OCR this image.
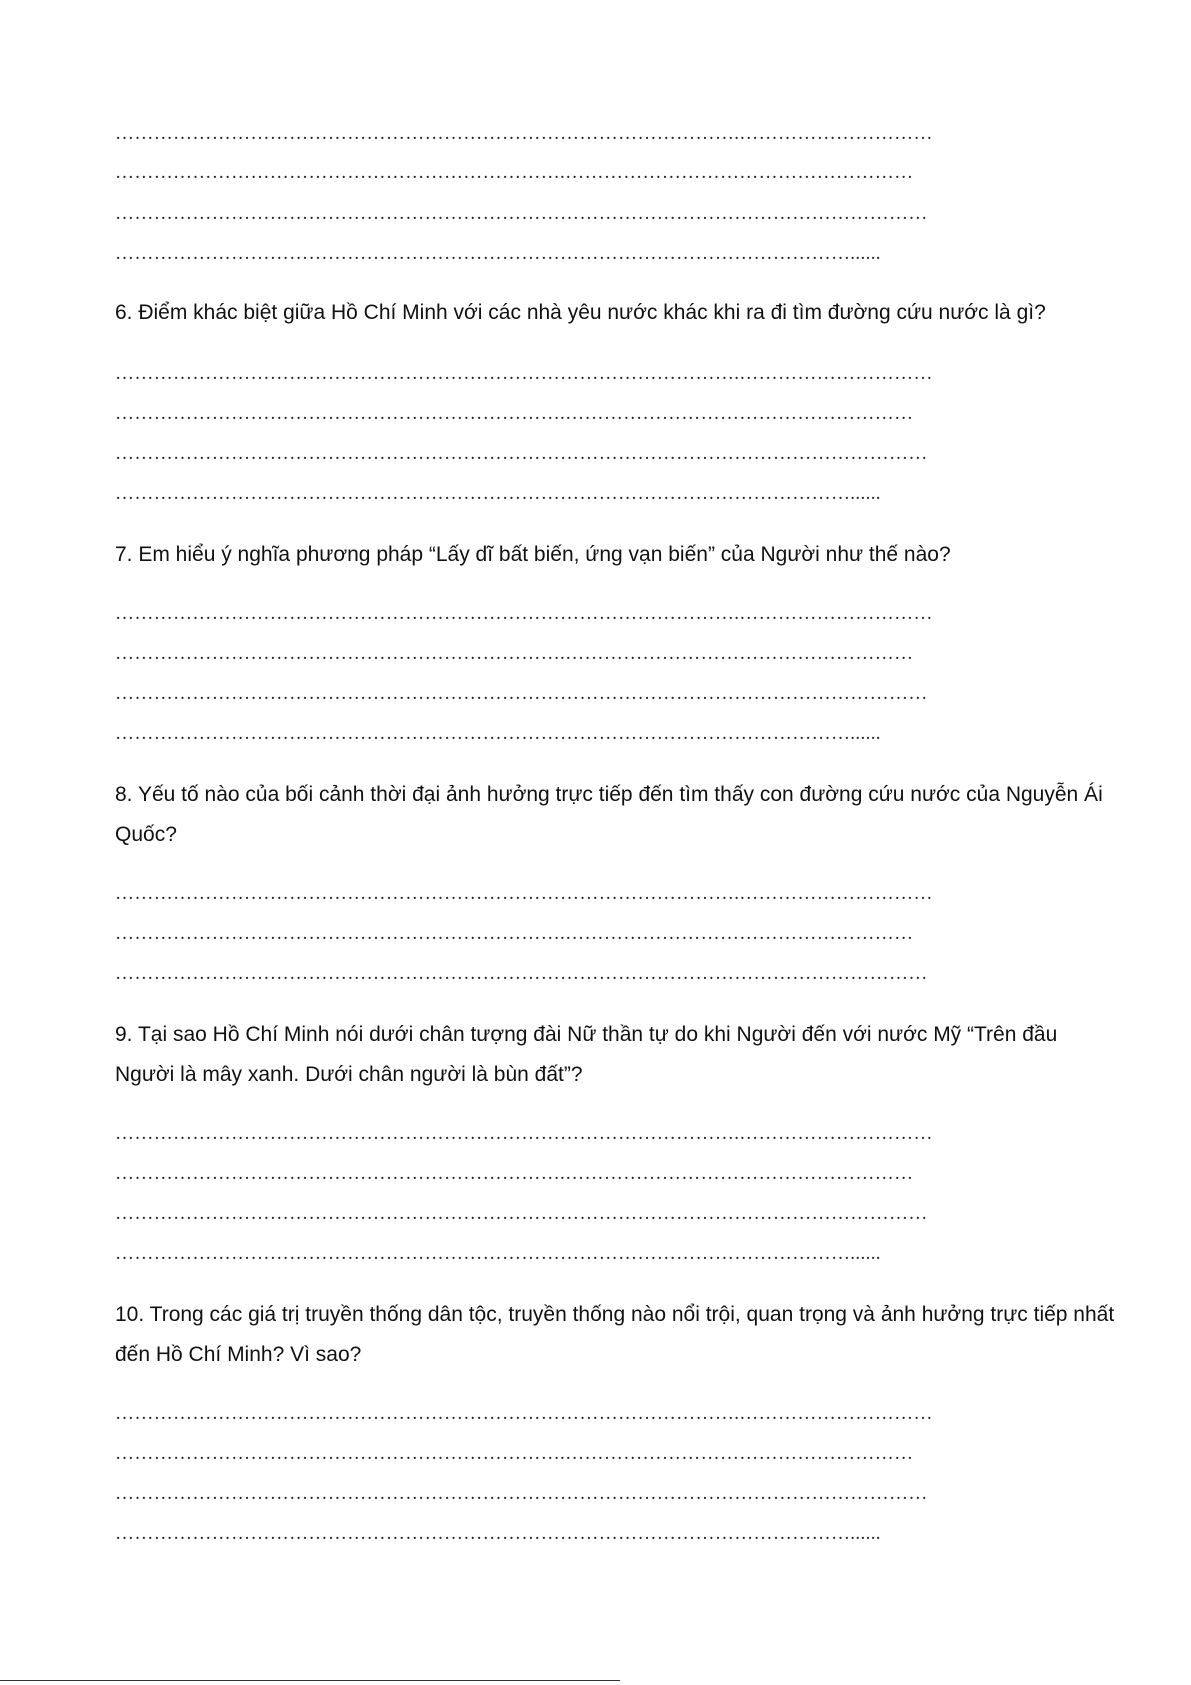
…………………………………………………………………………………….…………………………
…………………………………………………………….………………………………………………
………………………………………………………………………………………………………………
……………………………………………………………………………………………………......
6. Điểm khác biệt giữa Hồ Chí Minh với các nhà yêu nước khác khi ra đi tìm đường cứu nước là gì?
…………………………………………………………………………………….…………………………
…………………………………………………………….………………………………………………
………………………………………………………………………………………………………………
……………………………………………………………………………………………………......
7. Em hiểu ý nghĩa phương pháp “Lấy dĩ bất biến, ứng vạn biến” của Người như thế nào?
…………………………………………………………………………………….…………………………
…………………………………………………………….………………………………………………
………………………………………………………………………………………………………………
……………………………………………………………………………………………………......
8. Yếu tố nào của bối cảnh thời đại ảnh hưởng trực tiếp đến tìm thấy con đường cứu nước của Nguyễn Ái
Quốc?
…………………………………………………………………………………….…………………………
…………………………………………………………….………………………………………………
………………………………………………………………………………………………………………
9. Tại sao Hồ Chí Minh nói dưới chân tượng đài Nữ thần tự do khi Người đến với nước Mỹ “Trên đầu
Người là mây xanh. Dưới chân người là bùn đất”?
…………………………………………………………………………………….…………………………
…………………………………………………………….………………………………………………
………………………………………………………………………………………………………………
……………………………………………………………………………………………………......
10. Trong các giá trị truyền thống dân tộc, truyền thống nào nổi trội, quan trọng và ảnh hưởng trực tiếp nhất
đến Hồ Chí Minh? Vì sao?
…………………………………………………………………………………….…………………………
…………………………………………………………….………………………………………………
………………………………………………………………………………………………………………
……………………………………………………………………………………………………......
